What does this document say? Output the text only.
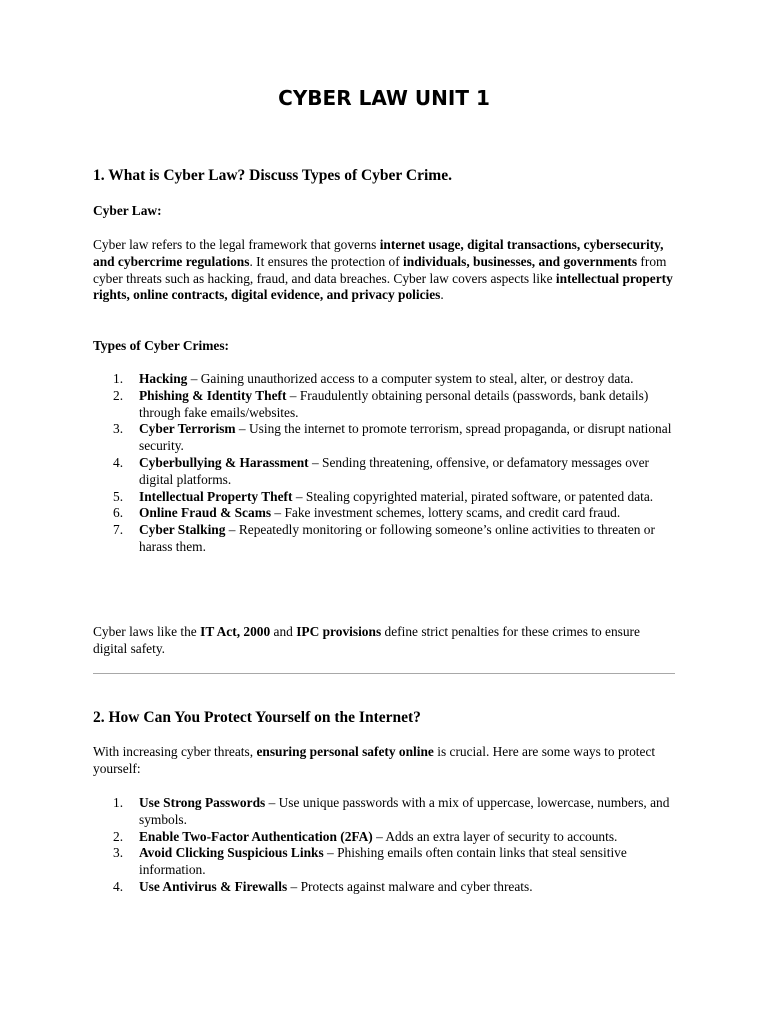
CYBER LAW UNIT 1
1. What is Cyber Law? Discuss Types of Cyber Crime.

Cyber Law:

Cyber law refers to the legal framework that governs internet usage, digital transactions, cybersecurity, and cybercrime regulations. It ensures the protection of individuals, businesses, and governments from cyber threats such as hacking, fraud, and data breaches. Cyber law covers aspects like intellectual property rights, online contracts, digital evidence, and privacy policies.

Types of Cyber Crimes:

1.	Hacking – Gaining unauthorized access to a computer system to steal, alter, or destroy data.
2.	Phishing & Identity Theft – Fraudulently obtaining personal details (passwords, bank details) through fake emails/websites.
3.	Cyber Terrorism – Using the internet to promote terrorism, spread propaganda, or disrupt national security.
4.	Cyberbullying & Harassment – Sending threatening, offensive, or defamatory messages over digital platforms.
5.	Intellectual Property Theft – Stealing copyrighted material, pirated software, or patented data.
6.	Online Fraud & Scams – Fake investment schemes, lottery scams, and credit card fraud.
7.	Cyber Stalking – Repeatedly monitoring or following someone’s online activities to threaten or harass them.

Cyber laws like the IT Act, 2000 and IPC provisions define strict penalties for these crimes to ensure digital safety.

2. How Can You Protect Yourself on the Internet?

With increasing cyber threats, ensuring personal safety online is crucial. Here are some ways to protect yourself:

1.	Use Strong Passwords – Use unique passwords with a mix of uppercase, lowercase, numbers, and symbols.
2.	Enable Two-Factor Authentication (2FA) – Adds an extra layer of security to accounts.
3.	Avoid Clicking Suspicious Links – Phishing emails often contain links that steal sensitive information.
4.	Use Antivirus & Firewalls – Protects against malware and cyber threats.
